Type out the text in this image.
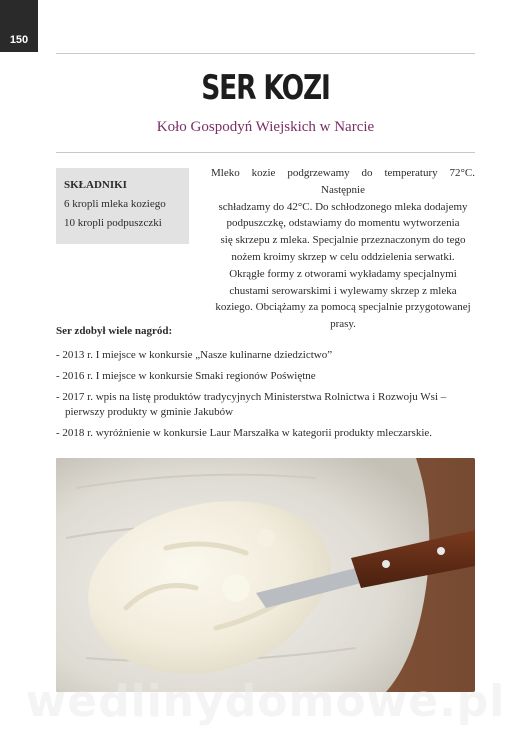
150
SER KOZI
Koło Gospodyń Wiejskich w Narcie
SKŁADNIKI
6 kropli mleka koziego
10 kropli podpuszczki
Mleko kozie podgrzewamy do temperatury 72°C. Następnie
schładzamy do 42°C. Do schłodzonego mleka dodajemy
podpuszczkę, odstawiamy do momentu wytworzenia
się skrzepu z mleka. Specjalnie przeznaczonym do tego
nożem kroimy skrzep w celu oddzielenia serwatki.
Okrągłe formy z otworami wykładamy specjalnymi
chustami serowarskimi i wylewamy skrzep z mleka
koziego. Obciążamy za pomocą specjalnie przygotowanej
prasy.
Ser zdobył wiele nagród:
- 2013 r. I miejsce w konkursie „Nasze kulinarne dziedzictwo”
- 2016 r. I miejsce w konkursie Smaki regionów Poświętne
- 2017 r. wpis na listę produktów tradycyjnych Ministerstwa Rolnictwa i Rozwoju Wsi – pierwszy produkty w gminie Jakubów
- 2018 r. wyróżnienie w konkursie Laur Marszałka w kategorii produkty mleczarskie.
wedlinydomowe.pl
